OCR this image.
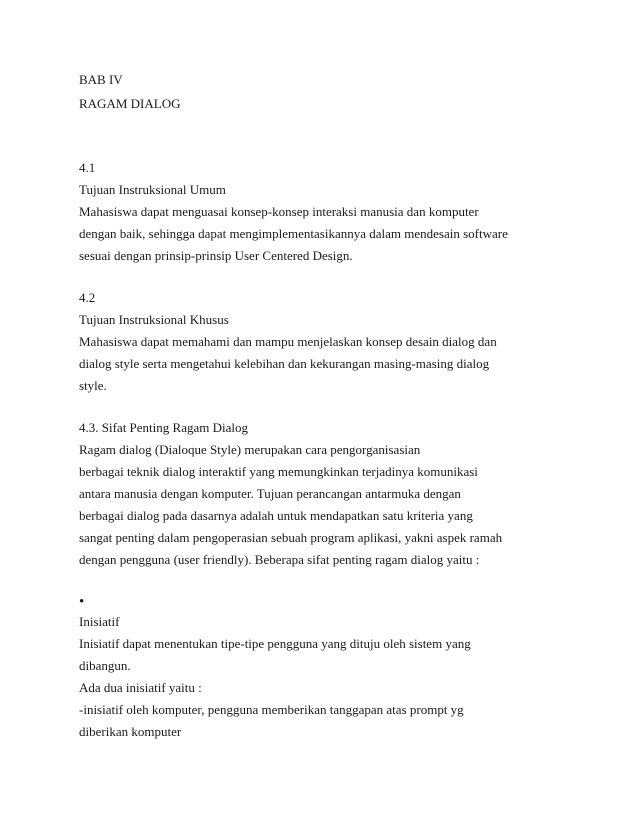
BAB IV
RAGAM DIALOG
4.1
Tujuan Instruksional Umum
Mahasiswa dapat menguasai konsep-konsep interaksi manusia dan komputer
dengan baik, sehingga dapat mengimplementasikannya dalam mendesain software
sesuai dengan prinsip-prinsip User Centered Design.
4.2
Tujuan Instruksional Khusus
Mahasiswa dapat memahami dan mampu menjelaskan konsep desain dialog dan
dialog style serta mengetahui kelebihan dan kekurangan masing-masing dialog
style.
4.3. Sifat Penting Ragam Dialog
Ragam dialog (Dialoque Style) merupakan cara pengorganisasian
berbagai teknik dialog interaktif yang memungkinkan terjadinya komunikasi
antara manusia dengan komputer. Tujuan perancangan antarmuka dengan
berbagai dialog pada dasarnya adalah untuk mendapatkan satu kriteria yang
sangat penting dalam pengoperasian sebuah program aplikasi, yakni aspek ramah
dengan pengguna (user friendly). Beberapa sifat penting ragam dialog yaitu :
•
Inisiatif
Inisiatif dapat menentukan tipe-tipe pengguna yang dituju oleh sistem yang
dibangun.
Ada dua inisiatif yaitu :
-inisiatif oleh komputer, pengguna memberikan tanggapan atas prompt yg
diberikan komputer
